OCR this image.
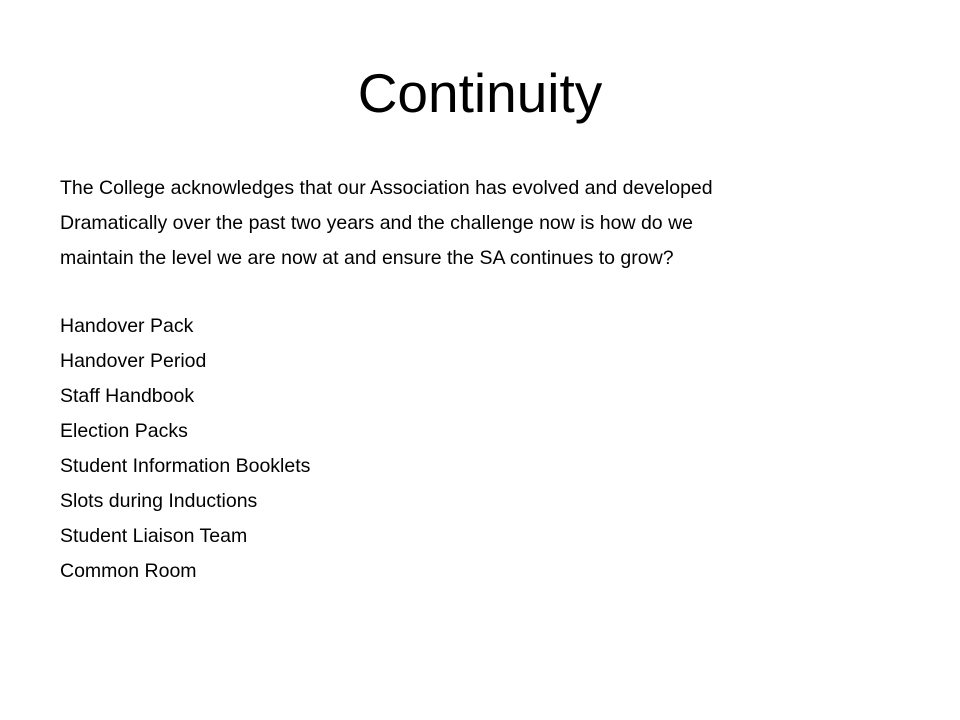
Continuity

The College acknowledges that our Association has evolved and developed
Dramatically over the past two years and the challenge now is how do we
maintain the level we are now at and ensure the SA continues to grow?

Handover Pack
Handover Period
Staff Handbook
Election Packs
Student Information Booklets
Slots during Inductions
Student Liaison Team
Common Room
